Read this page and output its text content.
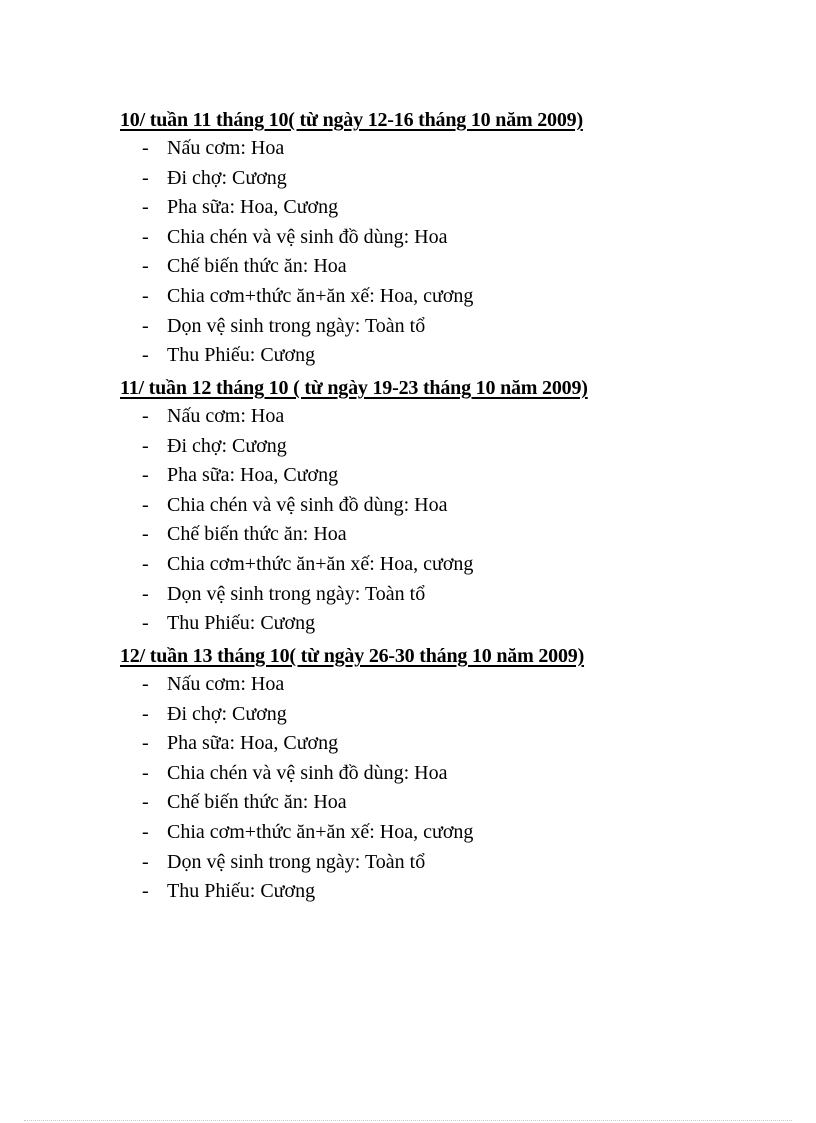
10/ tuần 11 tháng 10( từ ngày 12-16 tháng 10 năm 2009)
- Nấu cơm: Hoa
- Đi chợ: Cương
- Pha sữa: Hoa, Cương
- Chia chén và vệ sinh đồ dùng: Hoa
- Chế biến thức ăn: Hoa
- Chia cơm+thức ăn+ăn xế: Hoa, cương
- Dọn vệ sinh trong ngày: Toàn tổ
- Thu Phiếu: Cương
11/ tuần 12 tháng 10 ( từ ngày 19-23 tháng 10 năm 2009)
- Nấu cơm: Hoa
- Đi chợ: Cương
- Pha sữa: Hoa, Cương
- Chia chén và vệ sinh đồ dùng: Hoa
- Chế biến thức ăn: Hoa
- Chia cơm+thức ăn+ăn xế: Hoa, cương
- Dọn vệ sinh trong ngày: Toàn tổ
- Thu Phiếu: Cương
12/ tuần 13 tháng 10( từ ngày 26-30 tháng 10 năm 2009)
- Nấu cơm: Hoa
- Đi chợ: Cương
- Pha sữa: Hoa, Cương
- Chia chén và vệ sinh đồ dùng: Hoa
- Chế biến thức ăn: Hoa
- Chia cơm+thức ăn+ăn xế: Hoa, cương
- Dọn vệ sinh trong ngày: Toàn tổ
- Thu Phiếu: Cương
